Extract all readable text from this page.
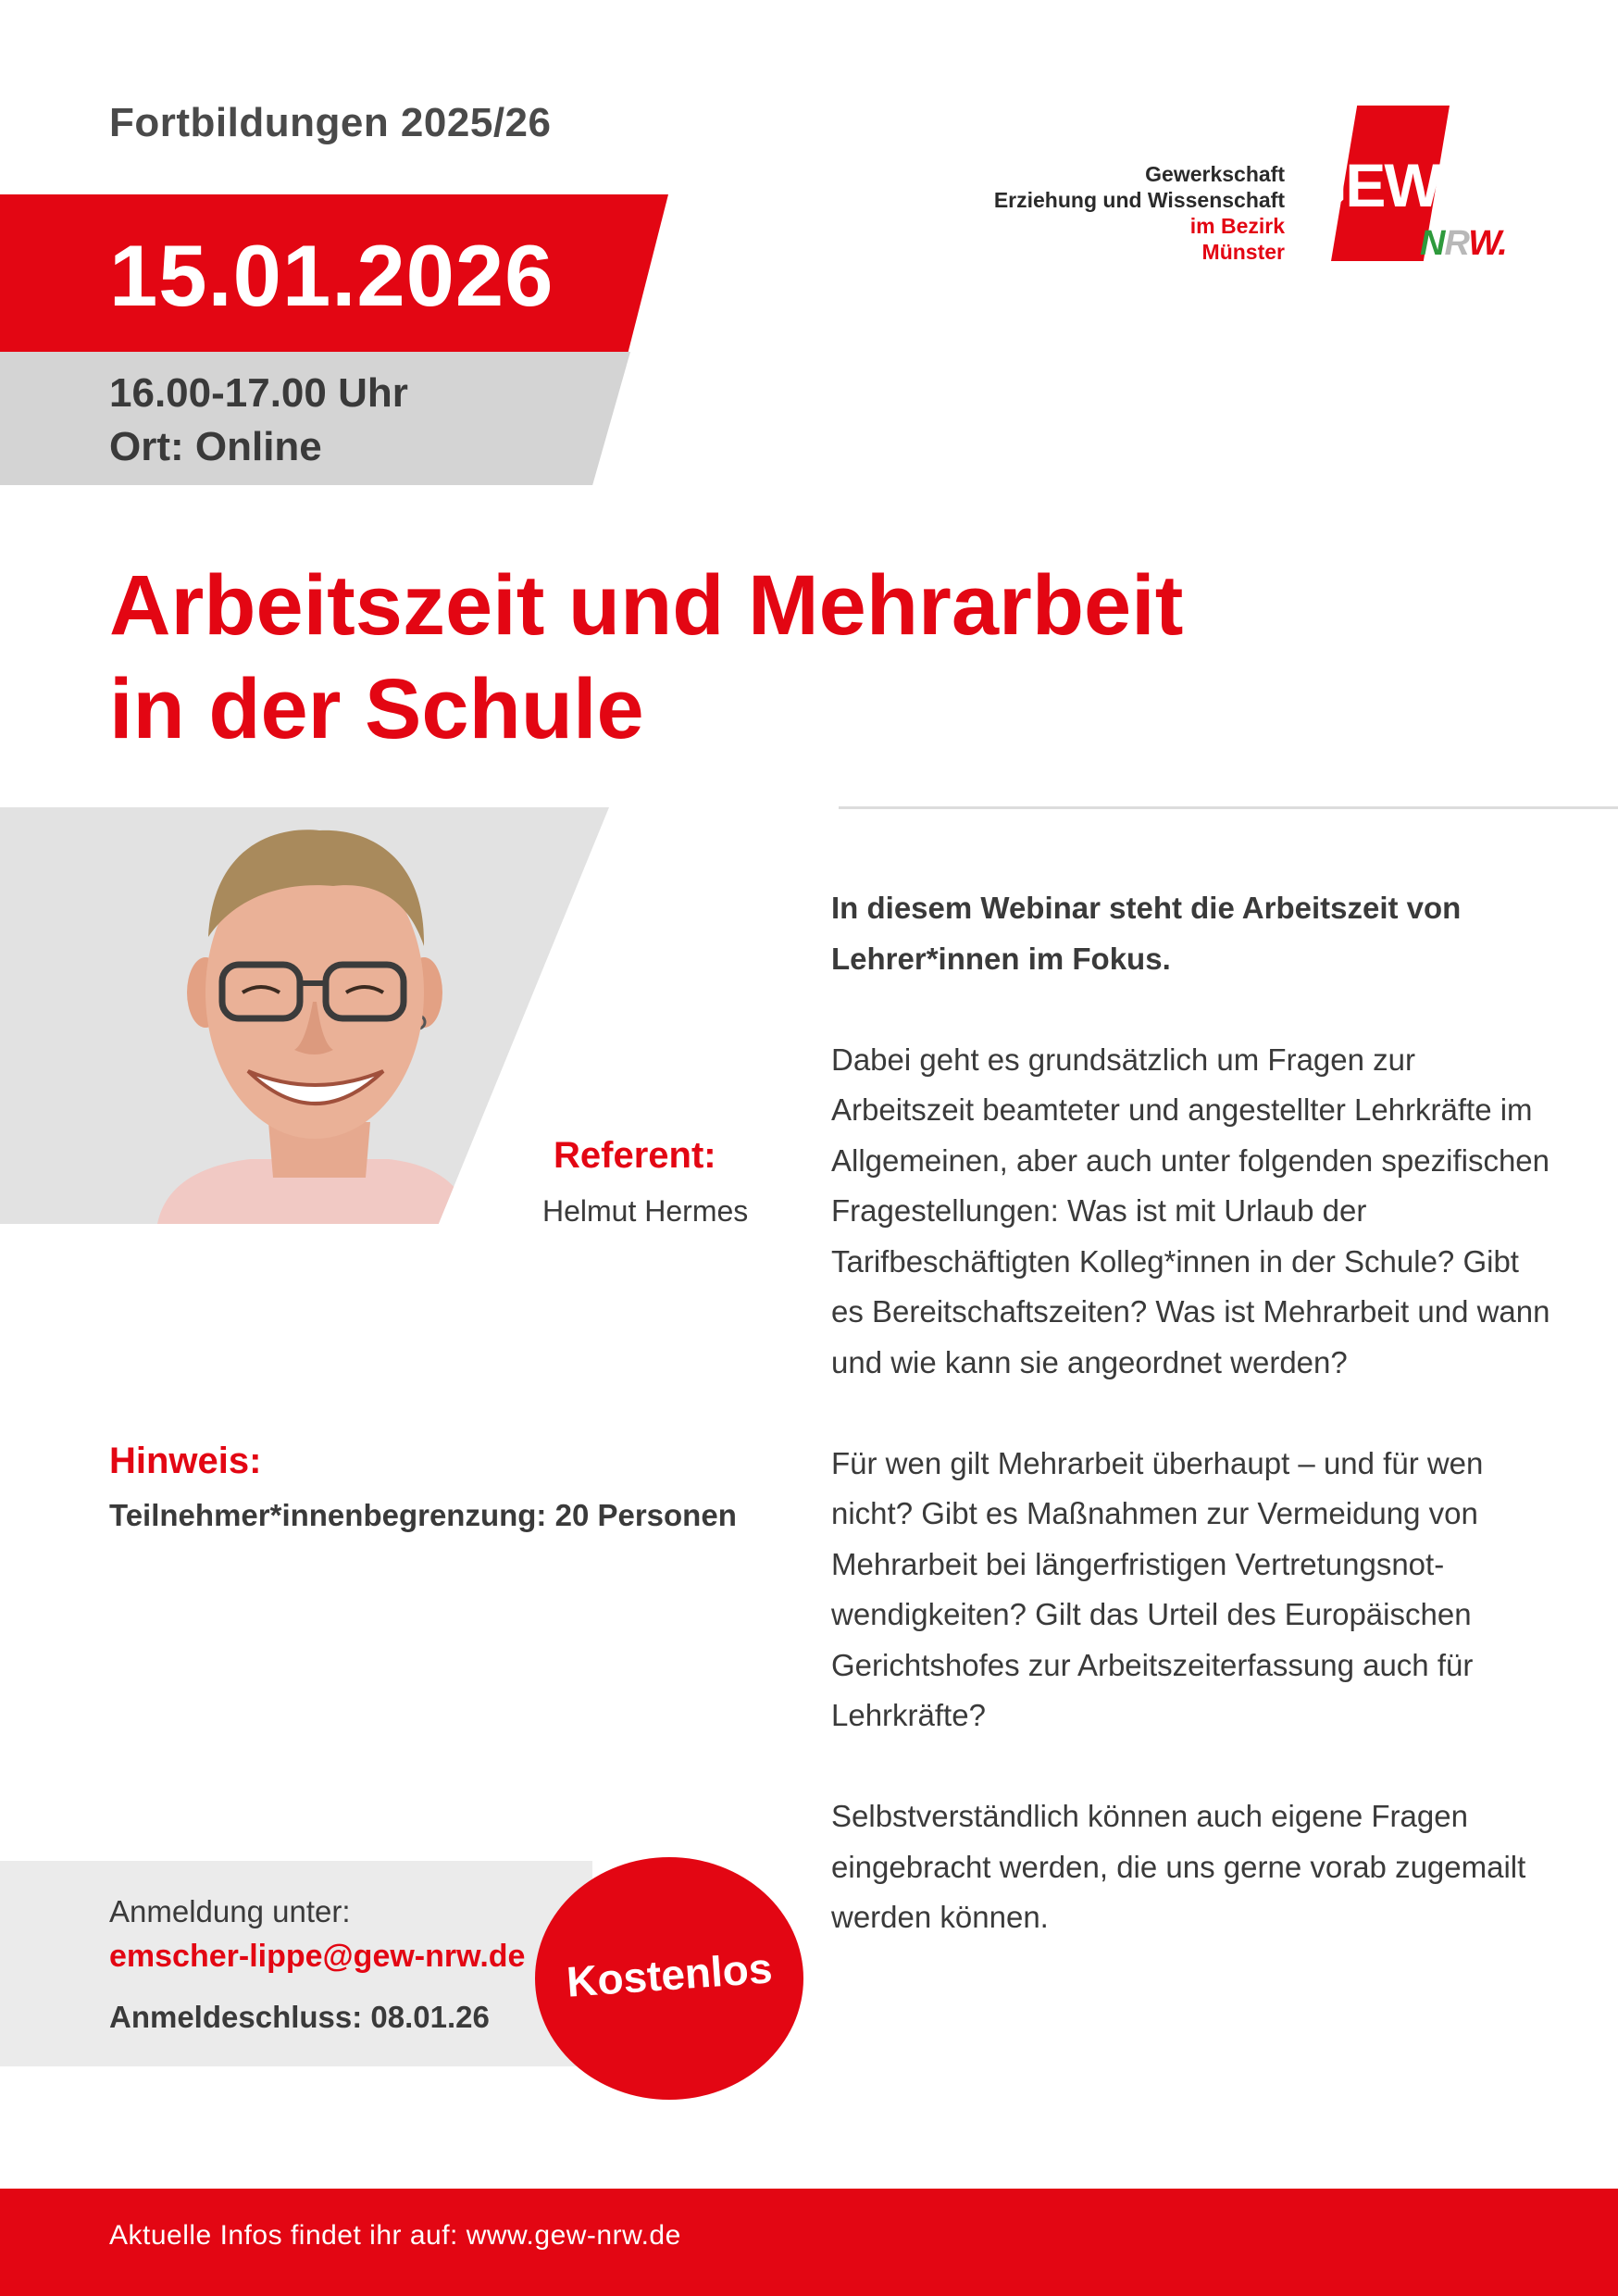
Fortbildungen 2025/26
15.01.2026
16.00-17.00 Uhr
Ort: Online
Gewerkschaft
Erziehung und Wissenschaft
im Bezirk
Münster
GEW
NRW.
Arbeitszeit und Mehrarbeit
in der Schule
Referent:
Helmut Hermes

In diesem Webinar steht die Arbeitszeit von Lehrer*innen im Fokus.

Dabei geht es grundsätzlich um Fragen zur Arbeitszeit beamteter und angestellter Lehrkräfte im Allgemeinen, aber auch unter folgenden spezifischen Fragestellungen: Was ist mit Urlaub der Tarifbeschäftigten Kolleg*innen in der Schule? Gibt es Bereitschaftszeiten? Was ist Mehrarbeit und wann und wie kann sie angeordnet werden?

Für wen gilt Mehrarbeit überhaupt – und für wen nicht? Gibt es Maßnahmen zur Vermeidung von Mehrarbeit bei längerfristigen Vertretungsnot-wendigkeiten? Gilt das Urteil des Europäischen Gerichtshofes zur Arbeitszeiterfassung auch für Lehrkräfte?

Selbstverständlich können auch eigene Fragen eingebracht werden, die uns gerne vorab zugemailt werden können.

Hinweis:
Teilnehmer*innenbegrenzung: 20 Personen
Anmeldung unter:
emscher-lippe@gew-nrw.de
Anmeldeschluss: 08.01.26
Kostenlos
Aktuelle Infos findet ihr auf: www.gew-nrw.de
